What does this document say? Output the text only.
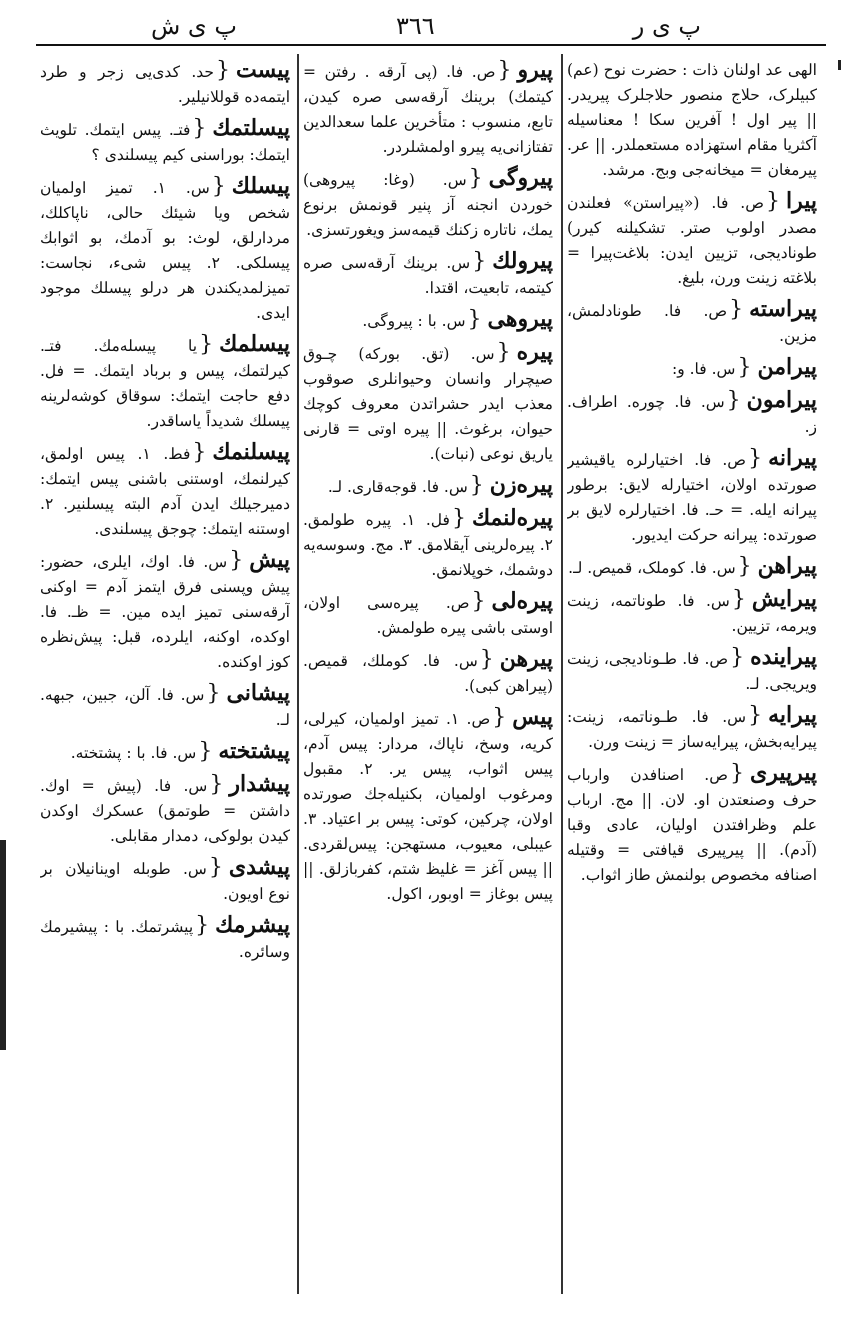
پ ی ش	٣٦٦	پ ی ر

الهی عد اولنان ذات : حضرت نوح (عم) کبیلرک، حلاج منصور حلاجلرک پیریدر. || پیر اول ! آفرین سکا ! معناسیله آکثریا مقام استهزاده مستعملدر. || عر. پیرمغان = میخانه‌جی وبج. مرشد.

پیرا{ص. فا. («پیراستن» فعلندن مصدر اولوب صتر. تشکیلنه کیرر) طونادیجی، تزیین ایدن: بلاغت‌پیرا = بلاغته زینت ورن، بلیغ.

پیراسته{ص. فا. طونادلمش، مزین.

پیرامن{س. فا. و:

پیرامون{س. فا. چوره. اطراف. ز.

پیرانه{ص. فا. اختیارلره یاقیشیر صورتده اولان، اختیارله لایق: برطور پیرانه ایله. = حـ. فا. اختیارلره لایق بر صورتده: پیرانه حرکت ایدیور.

پیراهن{س. فا. کوملک، قمیص. لـ.

پیرایش{س. فا. طوناتمه، زینت ویرمه، تزیین.

پیرایند‌ه{ص. فا. طـونادیجی، زینت ویریجی. لـ.

پیرایه{س. فا. طـوناتمه، زینت: پیرایه‌بخش، پیرایه‌ساز = زینت ورن.

پیرپیری{ص. اصنافدن وارباب حرف وصنعتدن او. لان. || مج. ارباب علم وظرافتدن اولیان، عادی وقبا (آدم). || پیرپیری قیافتی = وقتیله اصنافه مخصوص بولنمش طاز اثواب.

پیرو{ص. فا. (پی آرقه . رفتن = کیتمك) برینك آرقه‌سی صره کیدن، تابع، منسوب : متأخرین علما سعدالدین تفتازانی‌یه پیرو اولمشلردر.

پیروگی{س. (وغا: پیروهی) خوردن انجنه آز پنیر قونمش برنوع یمك، ناتاره زکنك قیمه‌سز ویغورتسزی.

پیرولك{س. برینك آرقه‌سی صره کیتمه، تابعیت، اقتدا.

پیروهی{س. با : پیروگی.

پیره{س. (تق. بورکه) چـوق صیچرار وانسان وحیوانلری صوقوب معذب ایدر حشراتدن معروف کوچك حیوان، برغوث. || پیره اوتی = قارنی یاریق نوعی (نبات).

پیره‌زن{س. فا. قوجه‌قاری. لـ.

پیره‌لنمك{فل. ١. پیره طولمق. ٢. پیره‌لرینی آیقلامق. ٣. مج. وسوسه‌یه دوشمك، خوپلانمق.

پیره‌لی{ص. پیره‌سی اولان، اوستی باشی پیره طولمش.

پیرهن{س. فا. کوملك، قمیص. (پیراهن کبی).

پیس{ص. ١. تمیز اولمیان، کیرلی، کریه، وسخ، ناپاك، مردار: پیس آدم، پیس اثواب، پیس یر. ٢. مقبول ومرغوب اولمیان، بکنیله‌جك صورتده اولان، چرکین، کوتی: پیس بر اعتیاد. ٣. عیبلی، معیوب، مستهجن: پیس‌لقردی. || پیس آغز = غلیظ شتم، کفربازلق. || پیس بوغاز = اوبور، اکول.

پیست{حد. کدی‌یی زجر و طرد ایتمه‌ده قوللانیلیر.

پیسلتمك{فتـ. پیس ایتمك. تلویث ایتمك: بوراسنی کیم پیسلندی ؟

پیسلك{س. ١. تمیز اولمیان شخص ویا شیئك حالی، ناپاکلك، مردارلق، لوث: بو آدمك، بو اثوابك پیسلکی. ٢. پیس شیء، نجاست: تمیزلمدیکندن هر درلو پیسلك موجود ایدی.

پیسلمك{یا پیسله‌مك. فتـ. کیرلتمك، پیس و برباد ایتمك. = فل. دفع حاجت ایتمك: سوقاق کوشه‌لرینه پیسلك شدیداً یاساقدر.

پیسلنمك{فط. ١. پیس اولمق، کیرلنمك، اوستنی باشنی پیس ایتمك: دمیرجیلك ایدن آدم البته پیسلنیر. ٢. اوستنه ایتمك: چوجق پیسلندی.

پیش{س. فا. اوك، ایلری، حضور: پیش وپسنی فرق ایتمز آدم = اوکنی آرقه‌سنی تمیز ایده مین. = ظـ. فا. اوکده، اوکنه، ایلرده، قبل: پیش‌نظره کوز اوکنده.

پیشانی{س. فا. آلن، جبین، جبهه. لـ.

پیشتخته{س. فا. با : پشتخته.

پیشدار{س. فا. (پیش = اوك. داشتن = طوتمق) عسکرك اوکدن کیدن بولوکی، دمدار مقابلی.

پیشدی{س. طوبله اوینانیلان بر نوع اویون.

پیشرمك{پیشرتمك. با : پیشیرمك وسائره.
